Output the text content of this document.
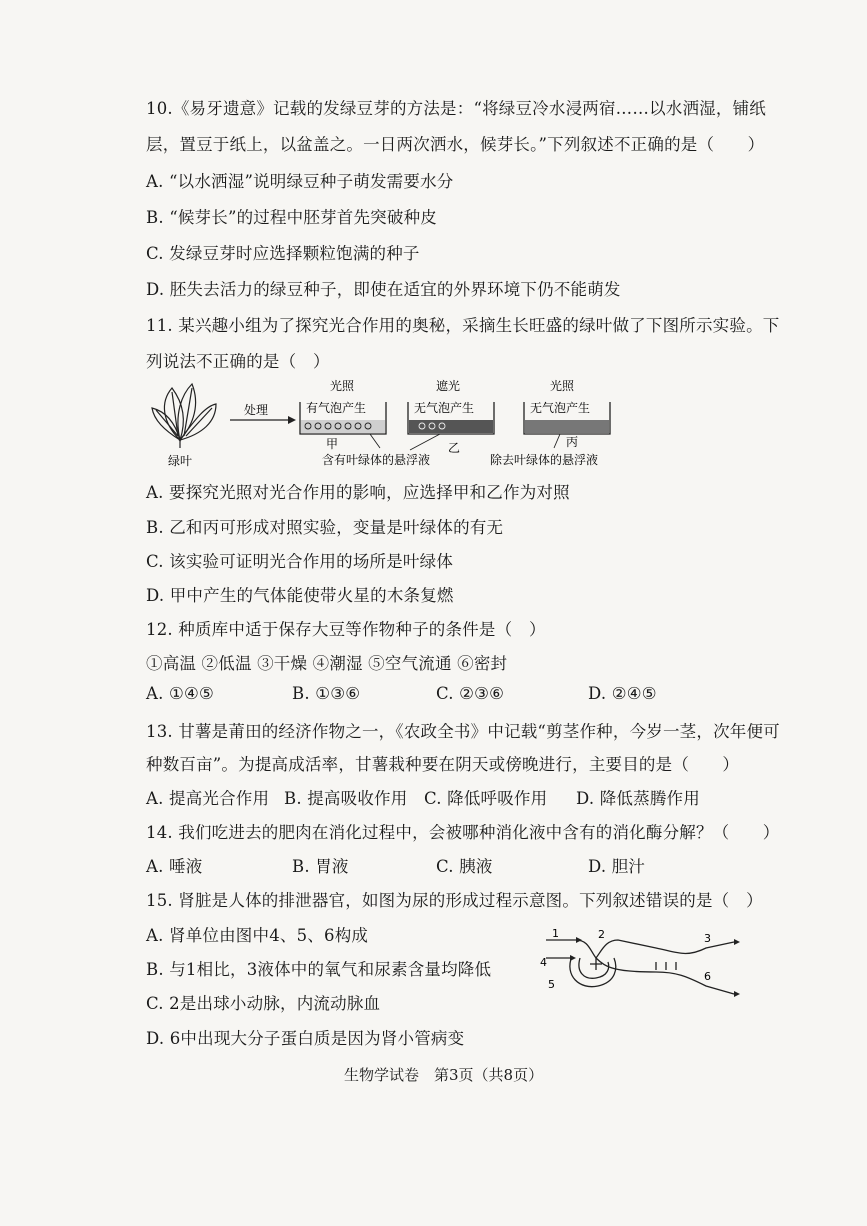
10.《易牙遗意》记载的发绿豆芽的方法是：“将绿豆冷水浸两宿……以水洒湿，铺纸
层，置豆于纸上，以盆盖之。一日两次洒水，候芽长。”下列叙述不正确的是（　　）
A. “以水洒湿”说明绿豆种子萌发需要水分
B. “候芽长”的过程中胚芽首先突破种皮
C. 发绿豆芽时应选择颗粒饱满的种子
D. 胚失去活力的绿豆种子，即使在适宜的外界环境下仍不能萌发
11. 某兴趣小组为了探究光合作用的奥秘，采摘生长旺盛的绿叶做了下图所示实验。下
列说法不正确的是（　）
绿叶
处理
光照
有气泡产生
甲
遮光
无气泡产生
乙
光照
无气泡产生
丙
含有叶绿体的悬浮液	除去叶绿体的悬浮液
A. 要探究光照对光合作用的影响，应选择甲和乙作为对照
B. 乙和丙可形成对照实验，变量是叶绿体的有无
C. 该实验可证明光合作用的场所是叶绿体
D. 甲中产生的气体能使带火星的木条复燃
12. 种质库中适于保存大豆等作物种子的条件是（　）
①高温 ②低温 ③干燥 ④潮湿 ⑤空气流通 ⑥密封
A. ①④⑤	B. ①③⑥	C. ②③⑥	D. ②④⑤
13. 甘薯是莆田的经济作物之一，《农政全书》中记载“剪茎作种，今岁一茎，次年便可
种数百亩”。为提高成活率，甘薯栽种要在阴天或傍晚进行，主要目的是（　　）
A. 提高光合作用 B. 提高吸收作用 C. 降低呼吸作用 D. 降低蒸腾作用
14. 我们吃进去的肥肉在消化过程中，会被哪种消化液中含有的消化酶分解？（　　）
A. 唾液	B. 胃液	C. 胰液	D. 胆汁
15. 肾脏是人体的排泄器官，如图为尿的形成过程示意图。下列叙述错误的是（　）
A. 肾单位由图中4、5、6构成
B. 与1相比，3液体中的氧气和尿素含量均降低
C. 2是出球小动脉，内流动脉血
D. 6中出现大分子蛋白质是因为肾小管病变
1	2	3
4
5
6
生物学试卷　第3页（共8页）
